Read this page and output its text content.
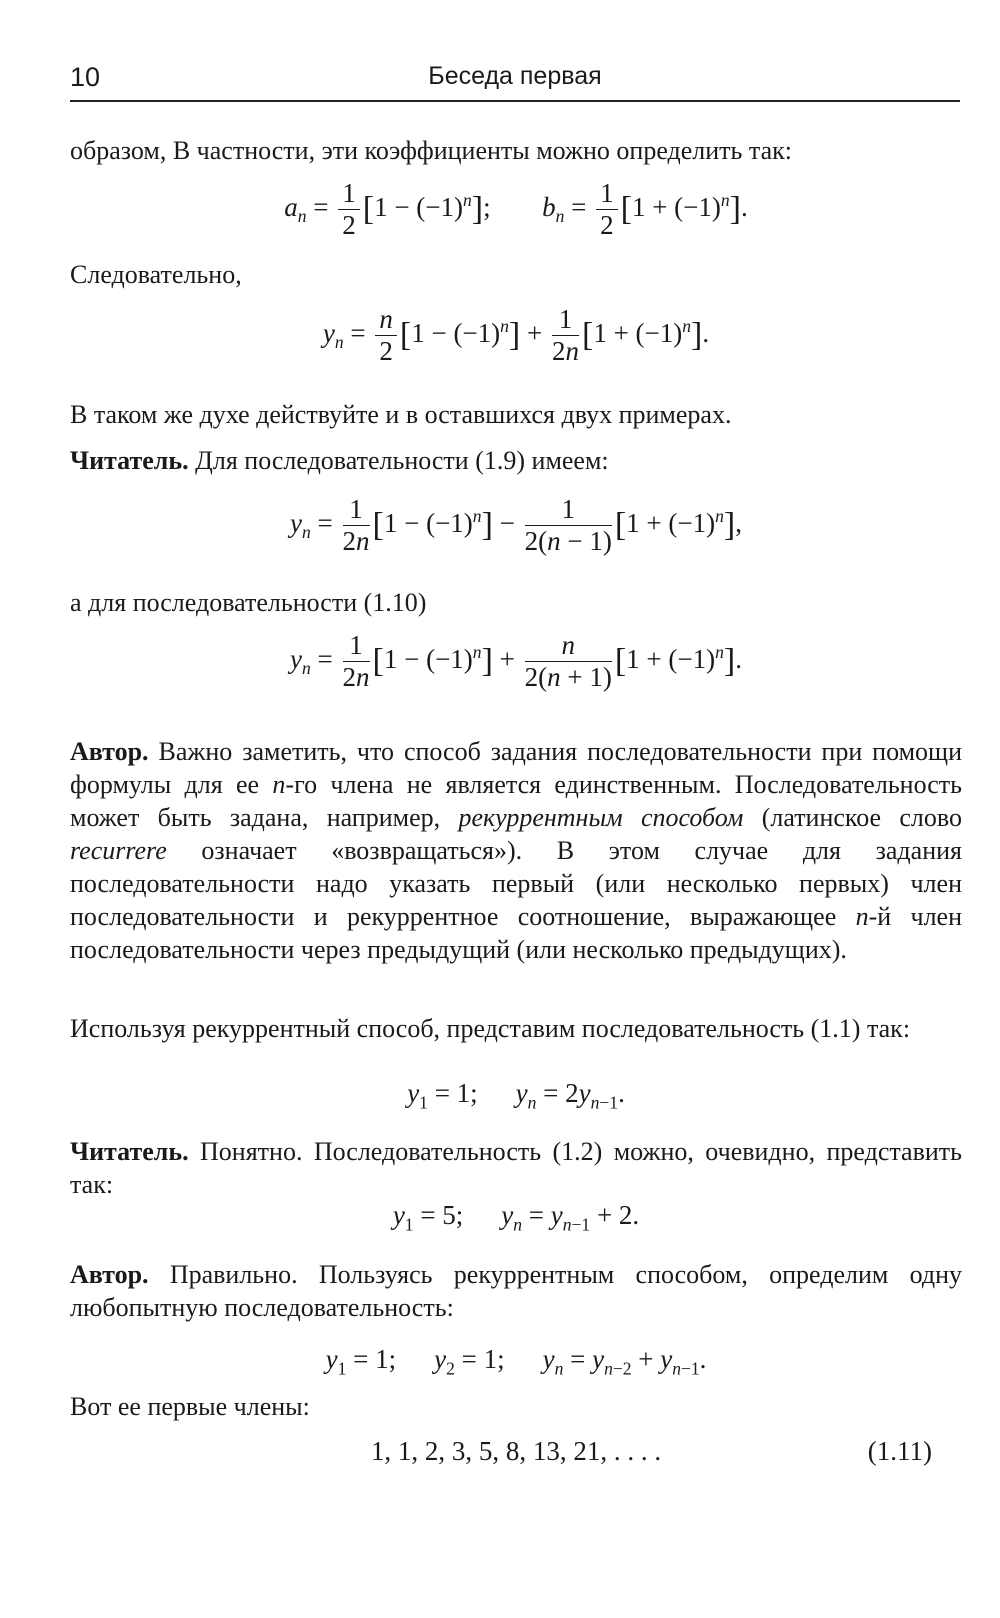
10	Беседа первая
образом, В частности, эти коэффициенты можно определить так:
$a_n = \frac{1}{2} [1 - (-1)^n]$;  $b_n = \frac{1}{2} [1 + (-1)^n]$.
Следовательно,
$y_n = \frac{n}{2} [1 - (-1)^n] + \frac{1}{2n} [1 + (-1)^n]$.
В таком же духе действуйте и в оставшихся двух примерах.
Читатель. Для последовательности (1.9) имеем:
$y_n = \frac{1}{2n} [1 - (-1)^n] - \frac{1}{2(n - 1)} [1 + (-1)^n]$,
а для последовательности (1.10)
$y_n = \frac{1}{2n} [1 - (-1)^n] + \frac{n}{2(n + 1)} [1 + (-1)^n]$.
Автор. Важно заметить, что способ задания последовательности при помощи формулы для ее n-го члена не является единственным. Последовательность может быть задана, например, рекуррентным способом (латинское слово recurrere означает «возвращаться»). В этом случае для задания последовательности надо указать первый (или несколько первых) член последовательности и рекуррентное соотношение, выражающее n-й член последовательности через предыдущий (или несколько предыдущих).
Используя рекуррентный способ, представим последовательность (1.1) так:
$y_1 = 1$; $y_n = 2y_{n-1}$.
Читатель. Понятно. Последовательность (1.2) можно, очевидно, представить так:
$y_1 = 5$; $y_n = y_{n-1} + 2$.
Автор. Правильно. Пользуясь рекуррентным способом, определим одну любопытную последовательность:
$y_1 = 1$; $y_2 = 1$; $y_n = y_{n-2} + y_{n-1}$.
Вот ее первые члены:
1, 1, 2, 3, 5, 8, 13, 21, . . . .	(1.11)
